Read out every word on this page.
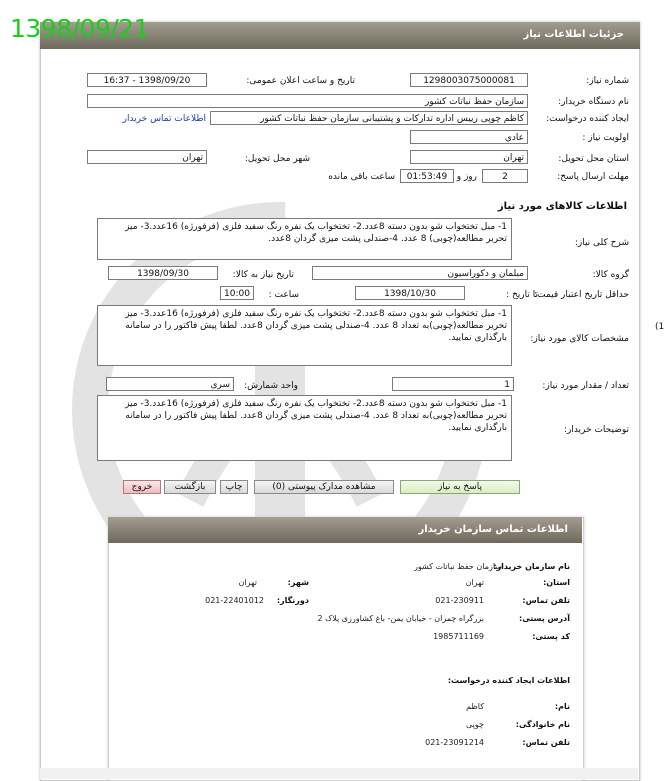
جزئیات اطلاعات نیاز
1398/09/21
شماره نیاز:
1298003075000081
تاریخ و ساعت اعلان عمومی:
1398/09/20 - 16:37
نام دستگاه خریدار:
سازمان حفظ نباتات کشور
ایجاد کننده درخواست:
کاظم چوپی رییس اداره تدارکات و پشتیبانی سازمان حفظ نباتات کشور
اطلاعات تماس خریدار
اولویت نیاز :
عادي
استان محل تحویل:
تهران
شهر محل تحویل:
تهران
مهلت ارسال پاسخ:
2
روز و
01:53:49
ساعت باقی مانده
اطلاعات کالاهای مورد نیاز
شرح کلی نیاز:
1- مبل تختخواب شو بدون دسته 8عدد.2- تختخواب یک نفره رنگ سفید فلزی (فرفورژه) 16عدد.3- میز تحریر مطالعه(چوبی) 8 عدد. 4-صندلی پشت میزی گردان 8عدد.
گروه کالا:
مبلمان و دکوراسیون
تاریخ نیاز به کالا:
1398/09/30
حداقل تاریخ اعتبار قیمت:
تا تاریخ :
1398/10/30
ساعت :
10:00
مشخصات کالای مورد نیاز:
1- مبل تختخواب شو بدون دسته 8عدد.2- تختخواب یک نفره رنگ سفید فلزی (فرفورژه) 16عدد.3- میز تحریر مطالعه(چوبی)به تعداد 8 عدد. 4-صندلی پشت میزی گردان 8عدد. لطفا پیش فاکتور را در سامانه بارگذاری نمایید.
تعداد / مقدار مورد نیاز:
1
واحد شمارش:
سری
توضیحات خریدار:
1- مبل تختخواب شو بدون دسته 8عدد.2- تختخواب یک نفره رنگ سفید فلزی (فرفورژه) 16عدد.3- میز تحریر مطالعه(چوبی)به تعداد 8 عدد. 4-صندلی پشت میزی گردان 8عدد. لطفا پیش فاکتور را در سامانه بارگذاری نمایید.
پاسخ به نیاز
مشاهده مدارک پیوستی (0)
چاپ
بازگشت
خروج
اطلاعات تماس سازمان خریدار
نام سازمان خریدار:
سازمان حفظ نباتات کشور
استان:
تهران
شهر:
تهران
تلفن تماس:
021-230911
دورنگار:
021-22401012
آدرس پستی:
بزرگراه چمران - خیابان یمن- باغ کشاورزی پلاک 2
کد پستی:
1985711169
اطلاعات ایجاد کننده درخواست:
نام:
کاظم
نام خانوادگی:
چوپی
تلفن تماس:
021-23091214
(1
